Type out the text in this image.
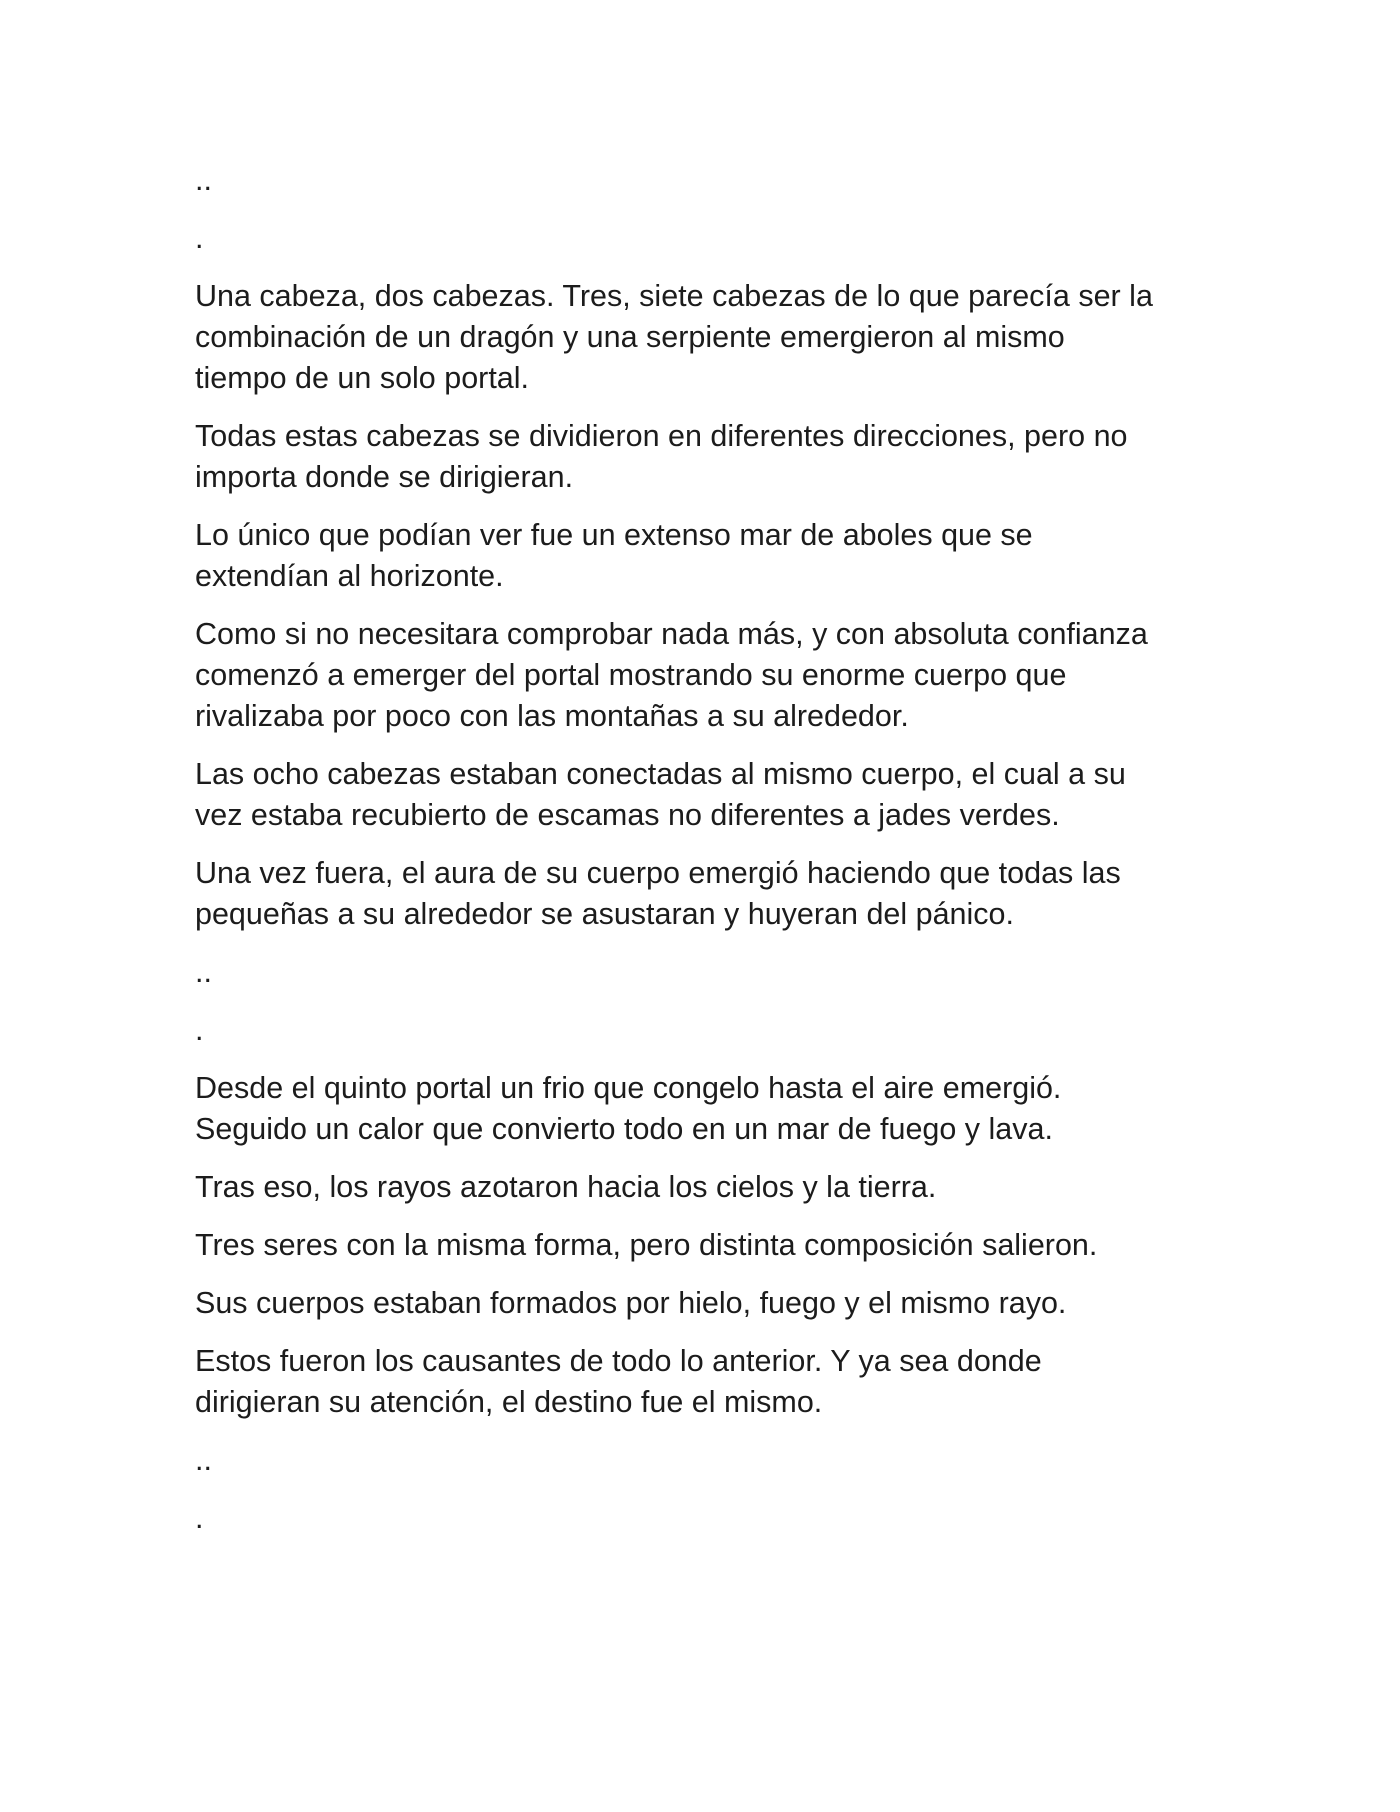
..
.

Una cabeza, dos cabezas. Tres, siete cabezas de lo que parecía ser la
combinación de un dragón y una serpiente emergieron al mismo
tiempo de un solo portal.

Todas estas cabezas se dividieron en diferentes direcciones, pero no
importa donde se dirigieran.

Lo único que podían ver fue un extenso mar de aboles que se
extendían al horizonte.

Como si no necesitara comprobar nada más, y con absoluta confianza
comenzó a emerger del portal mostrando su enorme cuerpo que
rivalizaba por poco con las montañas a su alrededor.

Las ocho cabezas estaban conectadas al mismo cuerpo, el cual a su
vez estaba recubierto de escamas no diferentes a jades verdes.

Una vez fuera, el aura de su cuerpo emergió haciendo que todas las
pequeñas a su alrededor se asustaran y huyeran del pánico.

..
.

Desde el quinto portal un frio que congelo hasta el aire emergió.
Seguido un calor que convierto todo en un mar de fuego y lava.

Tras eso, los rayos azotaron hacia los cielos y la tierra.

Tres seres con la misma forma, pero distinta composición salieron.

Sus cuerpos estaban formados por hielo, fuego y el mismo rayo.

Estos fueron los causantes de todo lo anterior. Y ya sea donde
dirigieran su atención, el destino fue el mismo.

..
.
